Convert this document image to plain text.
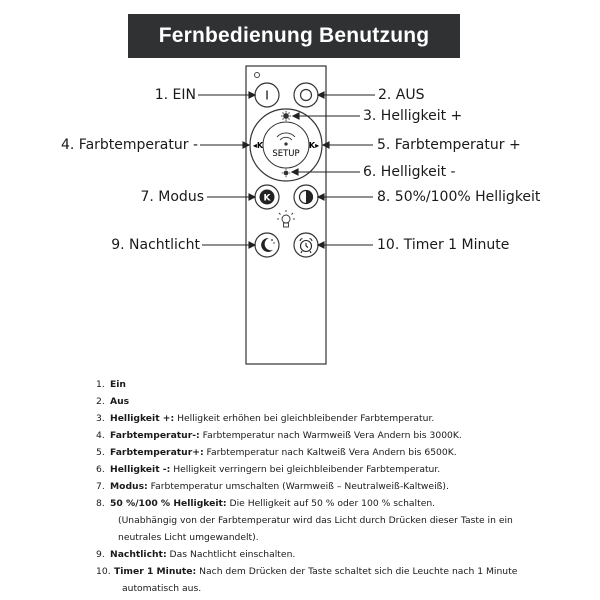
Fernbedienung Benutzung
I
◂K	K▸
SETUP
K
1. EIN	2. AUS
3. Helligkeit +
4. Farbtemperatur -	5. Farbtemperatur +
6. Helligkeit -
7. Modus	8. 50%/100% Helligkeit
9. Nachtlicht	10. Timer 1 Minute
1. Ein
2. Aus
3. Helligkeit +: Helligkeit erhöhen bei gleichbleibender Farbtemperatur.
4. Farbtemperatur-: Farbtemperatur nach Warmweiß Vera Andern bis 3000K.
5. Farbtemperatur+: Farbtemperatur nach Kaltweiß Vera Andern bis 6500K.
6. Helligkeit -: Helligkeit verringern bei gleichbleibender Farbtemperatur.
7. Modus: Farbtemperatur umschalten (Warmweiß – Neutralweiß-Kaltweiß).
8. 50 %/100 % Helligkeit: Die Helligkeit auf 50 % oder 100 % schalten.
(Unabhängig von der Farbtemperatur wird das Licht durch Drücken dieser Taste in ein
neutrales Licht umgewandelt).
9. Nachtlicht: Das Nachtlicht einschalten.
10. Timer 1 Minute: Nach dem Drücken der Taste schaltet sich die Leuchte nach 1 Minute
automatisch aus.
